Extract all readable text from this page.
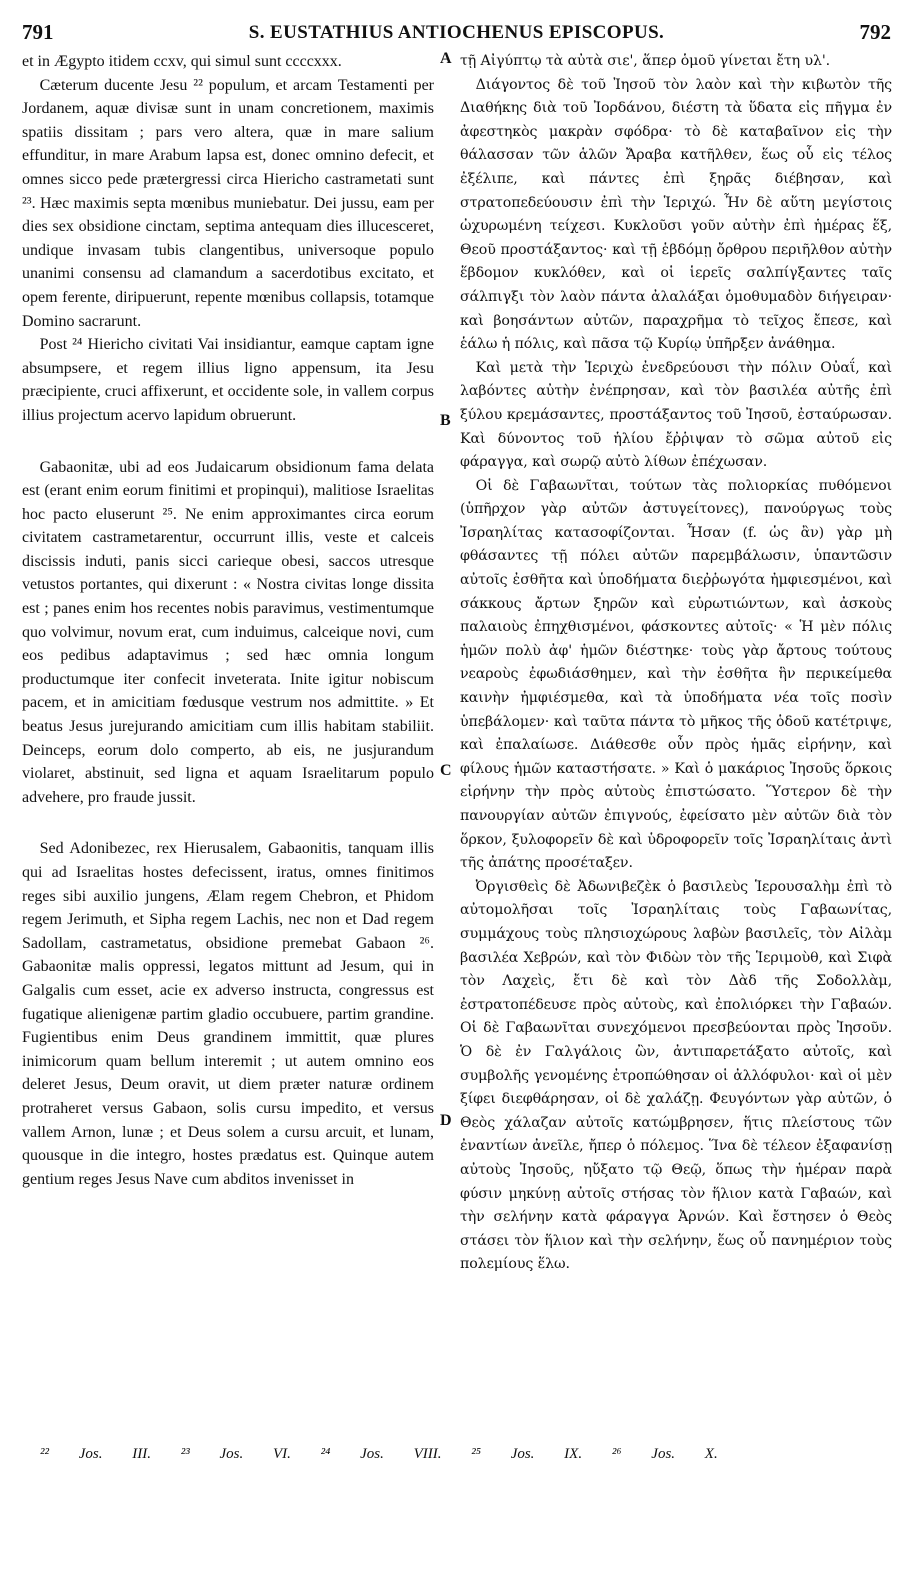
791	S. EUSTATHIUS ANTIOCHENUS EPISCOPUS.	792

et in Ægypto itidem ccxv, qui simul sunt ccccxxx.

Cæterum ducente Jesu ²² populum, et arcam Testamenti per Jordanem, aquæ divisæ sunt in unam concretionem, maximis spatiis dissitam ; pars vero altera, quæ in mare salium effunditur, in mare Arabum lapsa est, donec omnino defecit, et omnes sicco pede prætergressi circa Hiericho castrametati sunt ²³. Hæc maximis septa mœnibus muniebatur. Dei jussu, eam per dies sex obsidione cinctam, septima antequam dies illucesceret, undique invasam tubis clangentibus, universoque populo unanimi consensu ad clamandum a sacerdotibus excitato, et opem ferente, diripuerunt, repente mœnibus collapsis, totamque Domino sacrarunt.

Post ²⁴ Hiericho civitati Vai insidiantur, eamque captam igne absumpsere, et regem illius ligno appensum, ita Jesu præcipiente, cruci affixerunt, et occidente sole, in vallem corpus illius projectum acervo lapidum obruerunt.

Gabaonitæ, ubi ad eos Judaicarum obsidionum fama delata est (erant enim eorum finitimi et propinqui), malitiose Israelitas hoc pacto eluserunt ²⁵. Ne enim approximantes circa eorum civitatem castrametarentur, occurrunt illis, veste et calceis discissis induti, panis sicci carieque obesi, saccos utresque vetustos portantes, qui dixerunt : « Nostra civitas longe dissita est ; panes enim hos recentes nobis paravimus, vestimentumque quo volvimur, novum erat, cum induimus, calceique novi, cum eos pedibus adaptavimus ; sed hæc omnia longum productumque iter confecit inveterata. Inite igitur nobiscum pacem, et in amicitiam fœdusque vestrum nos admittite. » Et beatus Jesus jurejurando amicitiam cum illis habitam stabiliit. Deinceps, eorum dolo comperto, ab eis, ne jusjurandum violaret, abstinuit, sed ligna et aquam Israelitarum populo advehere, pro fraude jussit.

Sed Adonibezec, rex Hierusalem, Gabaonitis, tanquam illis qui ad Israelitas hostes defecissent, iratus, omnes finitimos reges sibi auxilio jungens, Ælam regem Chebron, et Phidom regem Jerimuth, et Sipha regem Lachis, nec non et Dad regem Sadollam, castrametatus, obsidione premebat Gabaon ²⁶. Gabaonitæ malis oppressi, legatos mittunt ad Jesum, qui in Galgalis cum esset, acie ex adverso instructa, congressus est fugatique alienigenæ partim gladio occubuere, partim grandine. Fugientibus enim Deus grandinem immittit, quæ plures inimicorum quam bellum interemit ; ut autem omnino eos deleret Jesus, Deum oravit, ut diem præter naturæ ordinem protraheret versus Gabaon, solis cursu impedito, et versus vallem Arnon, lunæ ; et Deus solem a cursu arcuit, et lunam, quousque in die integro, hostes prædatus est. Quinque autem gentium reges Jesus Nave cum abditos invenisset in

A
B
C
D

τῇ Αἰγύπτῳ τὰ αὐτὰ σιε', ἅπερ ὁμοῦ γίνεται ἔτη υλ'.

Διάγοντος δὲ τοῦ Ἰησοῦ τὸν λαὸν καὶ τὴν κιβωτὸν τῆς Διαθήκης διὰ τοῦ Ἰορδάνου, διέστη τὰ ὕδατα εἰς πῆγμα ἐν ἀφεστηκὸς μακρὰν σφόδρα· τὸ δὲ καταβαῖνον εἰς τὴν θάλασσαν τῶν ἁλῶν Ἄραβα κατῆλθεν, ἕως οὗ εἰς τέλος ἐξέλιπε, καὶ πάντες ἐπὶ ξηρᾶς διέβησαν, καὶ στρατοπεδεύουσιν ἐπὶ τὴν Ἱεριχώ. Ἦν δὲ αὕτη μεγίστοις ὠχυρωμένη τείχεσι. Κυκλοῦσι γοῦν αὐτὴν ἐπὶ ἡμέρας ἕξ, Θεοῦ προστάξαντος· καὶ τῇ ἑβδόμῃ ὄρθρου περιῆλθον αὐτὴν ἕβδομον κυκλόθεν, καὶ οἱ ἱερεῖς σαλπίγξαντες ταῖς σάλπιγξι τὸν λαὸν πάντα ἀλαλάξαι ὁμοθυμαδὸν διήγειραν· καὶ βοησάντων αὐτῶν, παραχρῆμα τὸ τεῖχος ἔπεσε, καὶ ἑάλω ἡ πόλις, καὶ πᾶσα τῷ Κυρίῳ ὑπῆρξεν ἀνάθημα.

Καὶ μετὰ τὴν Ἱεριχὼ ἐνεδρεύουσι τὴν πόλιν Οὐαΐ, καὶ λαβόντες αὐτὴν ἐνέπρησαν, καὶ τὸν βασιλέα αὐτῆς ἐπὶ ξύλου κρεμάσαντες, προστάξαντος τοῦ Ἰησοῦ, ἐσταύρωσαν. Καὶ δύνοντος τοῦ ἡλίου ἔῤῥιψαν τὸ σῶμα αὐτοῦ εἰς φάραγγα, καὶ σωρῷ αὐτὸ λίθων ἐπέχωσαν.

Οἱ δὲ Γαβαωνῖται, τούτων τὰς πολιορκίας πυθόμενοι (ὑπῆρχον γὰρ αὐτῶν ἀστυγείτονες), πανούργως τοὺς Ἰσραηλίτας κατασοφίζονται. Ἦσαν (f. ὡς ἂν) γὰρ μὴ φθάσαντες τῇ πόλει αὐτῶν παρεμβάλωσιν, ὑπαντῶσιν αὐτοῖς ἐσθῆτα καὶ ὑποδήματα διεῤῥωγότα ἠμφιεσμένοι, καὶ σάκκους ἄρτων ξηρῶν καὶ εὐρωτιώντων, καὶ ἀσκοὺς παλαιοὺς ἐπηχθισμένοι, φάσκοντες αὐτοῖς· « Ἡ μὲν πόλις ἡμῶν πολὺ ἀφ' ἡμῶν διέστηκε· τοὺς γὰρ ἄρτους τούτους νεαροὺς ἐφωδιάσθημεν, καὶ τὴν ἐσθῆτα ἣν περικείμεθα καινὴν ἠμφιέσμεθα, καὶ τὰ ὑποδήματα νέα τοῖς ποσὶν ὑπεβάλομεν· καὶ ταῦτα πάντα τὸ μῆκος τῆς ὁδοῦ κατέτριψε, καὶ ἐπαλαίωσε. Διάθεσθε οὖν πρὸς ἡμᾶς εἰρήνην, καὶ φίλους ἡμῶν καταστήσατε. » Καὶ ὁ μακάριος Ἰησοῦς ὅρκοις εἰρήνην τὴν πρὸς αὐτοὺς ἐπιστώσατο. Ὕστερον δὲ τὴν πανουργίαν αὐτῶν ἐπιγνούς, ἐφείσατο μὲν αὐτῶν διὰ τὸν ὅρκον, ξυλοφορεῖν δὲ καὶ ὑδροφορεῖν τοῖς Ἰσραηλίταις ἀντὶ τῆς ἀπάτης προσέταξεν.

Ὀργισθεὶς δὲ Ἀδωνιβεζὲκ ὁ βασιλεὺς Ἱερουσαλὴμ ἐπὶ τὸ αὐτομολῆσαι τοῖς Ἰσραηλίταις τοὺς Γαβαωνίτας, συμμάχους τοὺς πλησιοχώρους λαβὼν βασιλεῖς, τὸν Αἰλὰμ βασιλέα Χεβρών, καὶ τὸν Φιδὼν τὸν τῆς Ἱεριμοὺθ, καὶ Σιφὰ τὸν Λαχεὶς, ἔτι δὲ καὶ τὸν Δὰδ τῆς Σοδολλὰμ, ἐστρατοπέδευσε πρὸς αὐτοὺς, καὶ ἐπολιόρκει τὴν Γαβαών. Οἱ δὲ Γαβαωνῖται συνεχόμενοι πρεσβεύονται πρὸς Ἰησοῦν. Ὁ δὲ ἐν Γαλγάλοις ὢν, ἀντιπαρετάξατο αὐτοῖς, καὶ συμβολῆς γενομένης ἐτροπώθησαν οἱ ἀλλόφυλοι· καὶ οἱ μὲν ξίφει διεφθάρησαν, οἱ δὲ χαλάζῃ. Φευγόντων γὰρ αὐτῶν, ὁ Θεὸς χάλαζαν αὐτοῖς κατώμβρησεν, ἥτις πλείστους τῶν ἐναντίων ἀνεῖλε, ἤπερ ὁ πόλεμος. Ἵνα δὲ τέλεον ἐξαφανίσῃ αὐτοὺς Ἰησοῦς, ηὔξατο τῷ Θεῷ, ὅπως τὴν ἡμέραν παρὰ φύσιν μηκύνῃ αὐτοῖς στήσας τὸν ἥλιον κατὰ Γαβαών, καὶ τὴν σελήνην κατὰ φάραγγα Ἀρνών. Καὶ ἔστησεν ὁ Θεὸς στάσει τὸν ἥλιον καὶ τὴν σελήνην, ἕως οὗ πανημέριον τοὺς πολεμίους ἕλω.

²² Jos. III. ²³ Jos. VI. ²⁴ Jos. VIII. ²⁵ Jos. IX. ²⁶ Jos. X.
